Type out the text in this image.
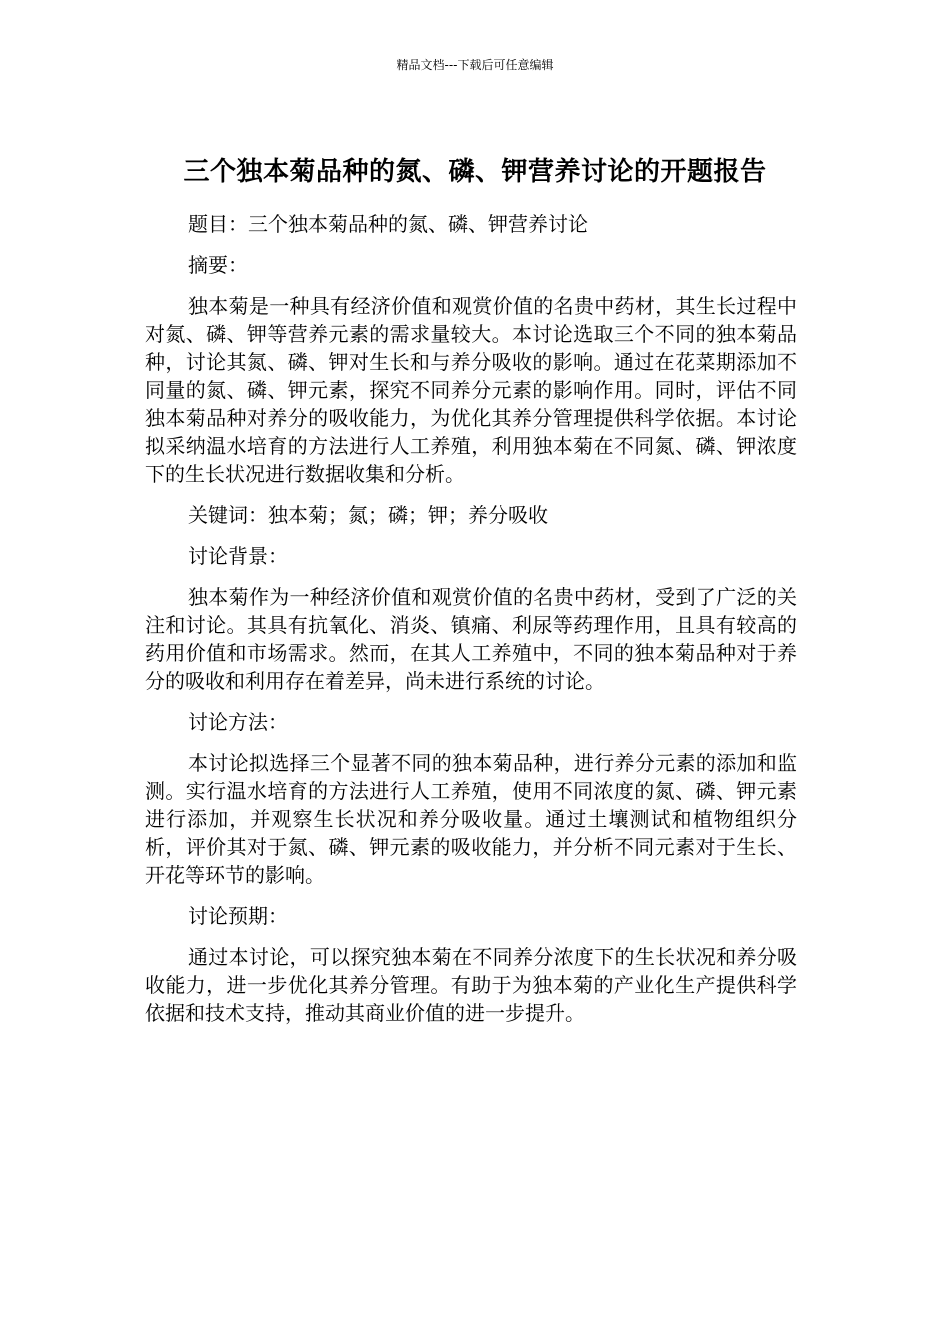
精品文档---下载后可任意编辑
三个独本菊品种的氮、磷、钾营养讨论的开题报告

题目：三个独本菊品种的氮、磷、钾营养讨论

摘要：

独本菊是一种具有经济价值和观赏价值的名贵中药材，其生长过程中对氮、磷、钾等营养元素的需求量较大。本讨论选取三个不同的独本菊品种，讨论其氮、磷、钾对生长和与养分吸收的影响。通过在花菜期添加不同量的氮、磷、钾元素，探究不同养分元素的影响作用。同时，评估不同独本菊品种对养分的吸收能力，为优化其养分管理提供科学依据。本讨论拟采纳温水培育的方法进行人工养殖，利用独本菊在不同氮、磷、钾浓度下的生长状况进行数据收集和分析。

关键词：独本菊；氮；磷；钾；养分吸收

讨论背景：

独本菊作为一种经济价值和观赏价值的名贵中药材，受到了广泛的关注和讨论。其具有抗氧化、消炎、镇痛、利尿等药理作用，且具有较高的药用价值和市场需求。然而，在其人工养殖中，不同的独本菊品种对于养分的吸收和利用存在着差异，尚未进行系统的讨论。

讨论方法：

本讨论拟选择三个显著不同的独本菊品种，进行养分元素的添加和监测。实行温水培育的方法进行人工养殖，使用不同浓度的氮、磷、钾元素进行添加，并观察生长状况和养分吸收量。通过土壤测试和植物组织分析，评价其对于氮、磷、钾元素的吸收能力，并分析不同元素对于生长、开花等环节的影响。

讨论预期：

通过本讨论，可以探究独本菊在不同养分浓度下的生长状况和养分吸收能力，进一步优化其养分管理。有助于为独本菊的产业化生产提供科学依据和技术支持，推动其商业价值的进一步提升。
